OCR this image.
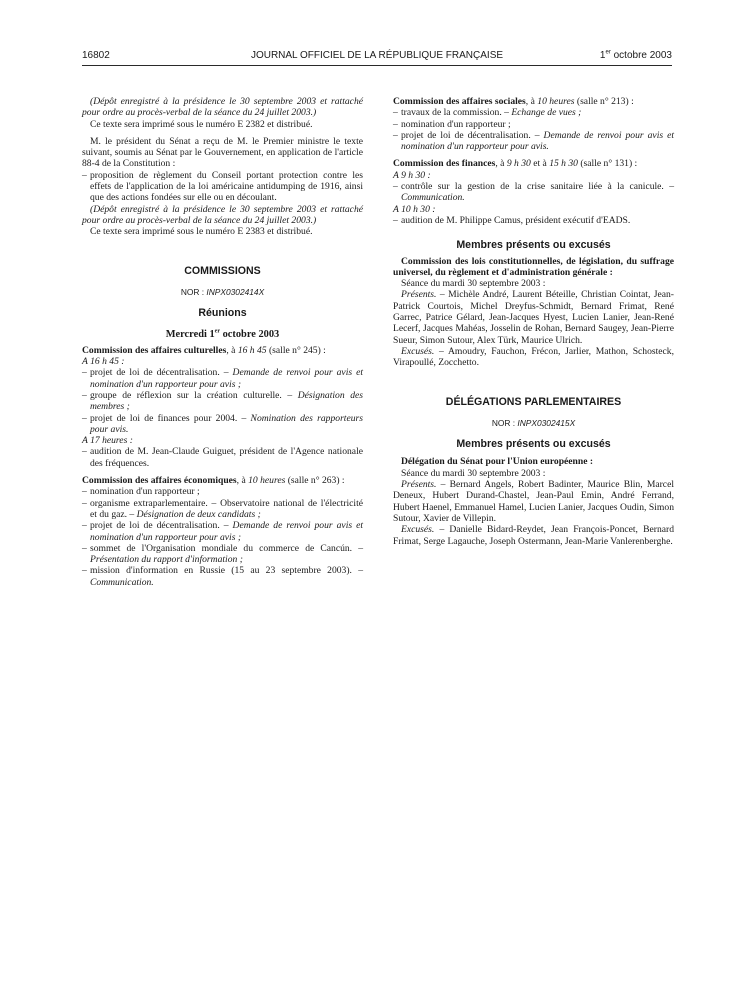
16802	JOURNAL OFFICIEL DE LA RÉPUBLIQUE FRANÇAISE	1er octobre 2003

(Dépôt enregistré à la présidence le 30 septembre 2003 et rattaché pour ordre au procès-verbal de la séance du 24 juillet 2003.)

Ce texte sera imprimé sous le numéro E 2382 et distribué.

M. le président du Sénat a reçu de M. le Premier ministre le texte suivant, soumis au Sénat par le Gouvernement, en application de l'article 88-4 de la Constitution :

– proposition de règlement du Conseil portant protection contre les effets de l'application de la loi américaine antidumping de 1916, ainsi que des actions fondées sur elle ou en découlant.

(Dépôt enregistré à la présidence le 30 septembre 2003 et rattaché pour ordre au procès-verbal de la séance du 24 juillet 2003.)

Ce texte sera imprimé sous le numéro E 2383 et distribué.

COMMISSIONS

NOR : INPX0302414X

Réunions

Mercredi 1er octobre 2003

Commission des affaires culturelles, à 16 h 45 (salle n° 245) :

A 16 h 45 :

– projet de loi de décentralisation. – Demande de renvoi pour avis et nomination d'un rapporteur pour avis ;

– groupe de réflexion sur la création culturelle. – Désignation des membres ;

– projet de loi de finances pour 2004. – Nomination des rapporteurs pour avis.

A 17 heures :

– audition de M. Jean-Claude Guiguet, président de l'Agence nationale des fréquences.

Commission des affaires économiques, à 10 heures (salle n° 263) :

– nomination d'un rapporteur ;

– organisme extraparlementaire. – Observatoire national de l'électricité et du gaz. – Désignation de deux candidats ;

– projet de loi de décentralisation. – Demande de renvoi pour avis et nomination d'un rapporteur pour avis ;

– sommet de l'Organisation mondiale du commerce de Cancún. – Présentation du rapport d'information ;

– mission d'information en Russie (15 au 23 septembre 2003). – Communication.

Commission des affaires sociales, à 10 heures (salle n° 213) :

– travaux de la commission. – Echange de vues ;

– nomination d'un rapporteur ;

– projet de loi de décentralisation. – Demande de renvoi pour avis et nomination d'un rapporteur pour avis.

Commission des finances, à 9 h 30 et à 15 h 30 (salle n° 131) :

A 9 h 30 :

– contrôle sur la gestion de la crise sanitaire liée à la canicule. – Communication.

A 10 h 30 :

– audition de M. Philippe Camus, président exécutif d'EADS.

Membres présents ou excusés

Commission des lois constitutionnelles, de législation, du suffrage universel, du règlement et d'administration générale :

Séance du mardi 30 septembre 2003 :

Présents. – Michèle André, Laurent Béteille, Christian Cointat, Jean-Patrick Courtois, Michel Dreyfus-Schmidt, Bernard Frimat, René Garrec, Patrice Gélard, Jean-Jacques Hyest, Lucien Lanier, Jean-René Lecerf, Jacques Mahéas, Josselin de Rohan, Bernard Saugey, Jean-Pierre Sueur, Simon Sutour, Alex Türk, Maurice Ulrich.

Excusés. – Amoudry, Fauchon, Frécon, Jarlier, Mathon, Schosteck, Virapoullé, Zocchetto.

DÉLÉGATIONS PARLEMENTAIRES

NOR : INPX0302415X

Membres présents ou excusés

Délégation du Sénat pour l'Union européenne :

Séance du mardi 30 septembre 2003 :

Présents. – Bernard Angels, Robert Badinter, Maurice Blin, Marcel Deneux, Hubert Durand-Chastel, Jean-Paul Emin, André Ferrand, Hubert Haenel, Emmanuel Hamel, Lucien Lanier, Jacques Oudin, Simon Sutour, Xavier de Villepin.

Excusés. – Danielle Bidard-Reydet, Jean François-Poncet, Bernard Frimat, Serge Lagauche, Joseph Ostermann, Jean-Marie Vanlerenberghe.
